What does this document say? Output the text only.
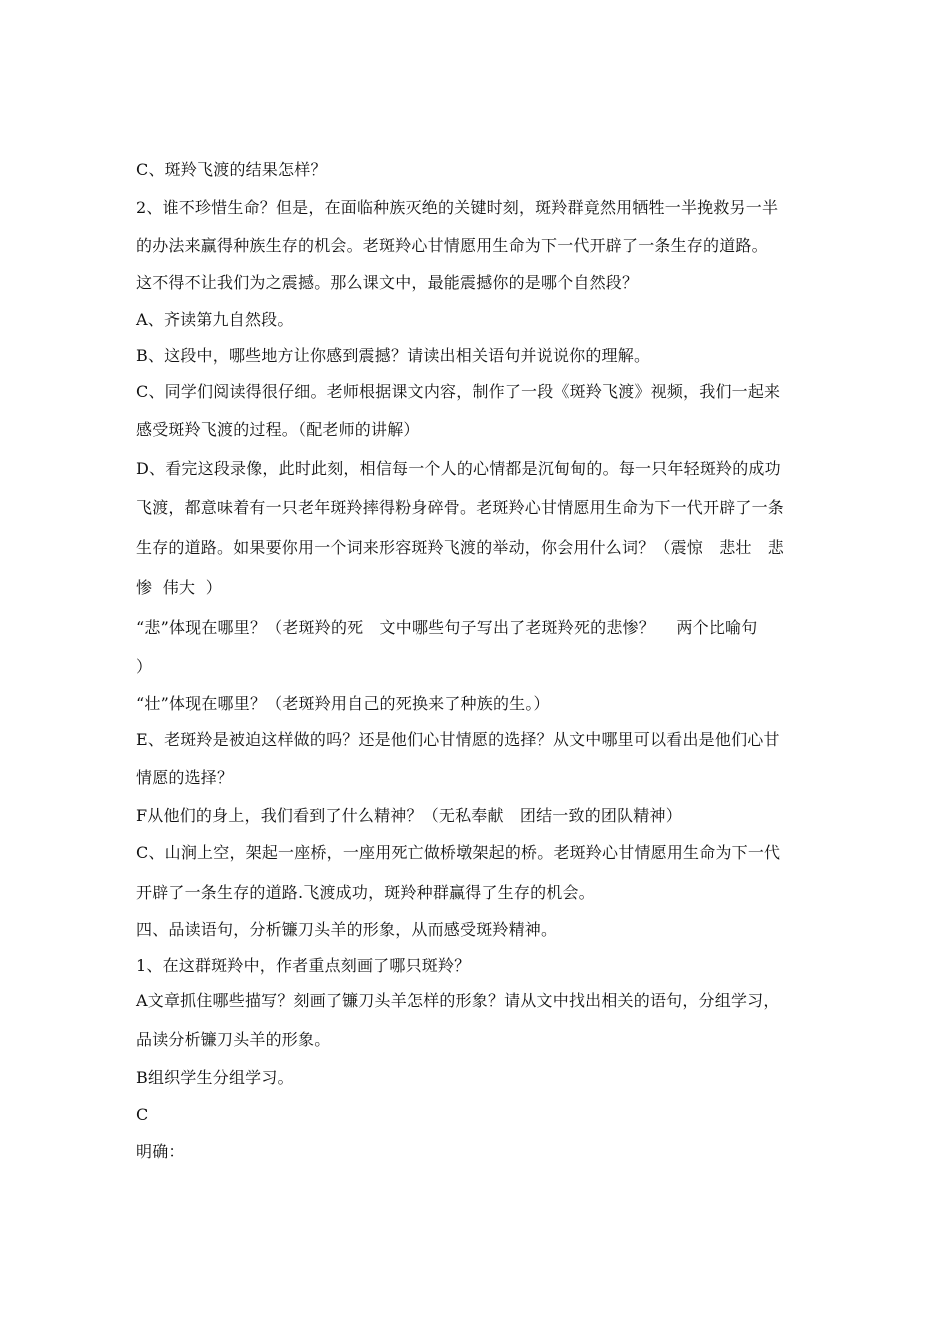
C、斑羚飞渡的结果怎样？
2、谁不珍惜生命？但是，在面临种族灭绝的关键时刻，斑羚群竟然用牺牲一半挽救另一半
的办法来赢得种族生存的机会。老斑羚心甘情愿用生命为下一代开辟了一条生存的道路。
这不得不让我们为之震撼。那么课文中，最能震撼你的是哪个自然段？
A、齐读第九自然段。
B、这段中，哪些地方让你感到震撼？请读出相关语句并说说你的理解。
C、同学们阅读得很仔细。老师根据课文内容，制作了一段《斑羚飞渡》视频，我们一起来
感受斑羚飞渡的过程。（配老师的讲解）
D、看完这段录像，此时此刻，相信每一个人的心情都是沉甸甸的。每一只年轻斑羚的成功
飞渡，都意味着有一只老年斑羚摔得粉身碎骨。老斑羚心甘情愿用生命为下一代开辟了一条
生存的道路。如果要你用一个词来形容斑羚飞渡的举动，你会用什么词？（震惊　悲壮　悲
惨  伟大  ）
“悲”体现在哪里？（老斑羚的死　文中哪些句子写出了老斑羚死的悲惨？　 两个比喻句
）
“壮”体现在哪里？（老斑羚用自己的死换来了种族的生。）
E、老斑羚是被迫这样做的吗？还是他们心甘情愿的选择？从文中哪里可以看出是他们心甘
情愿的选择？
F从他们的身上，我们看到了什么精神？（无私奉献　团结一致的团队精神）
C、山涧上空，架起一座桥，一座用死亡做桥墩架起的桥。老斑羚心甘情愿用生命为下一代
开辟了一条生存的道路.飞渡成功，斑羚种群赢得了生存的机会。
四、品读语句，分析镰刀头羊的形象，从而感受斑羚精神。
1、在这群斑羚中，作者重点刻画了哪只斑羚？
A文章抓住哪些描写？刻画了镰刀头羊怎样的形象？请从文中找出相关的语句，分组学习，
品读分析镰刀头羊的形象。
B组织学生分组学习。
C
明确：
